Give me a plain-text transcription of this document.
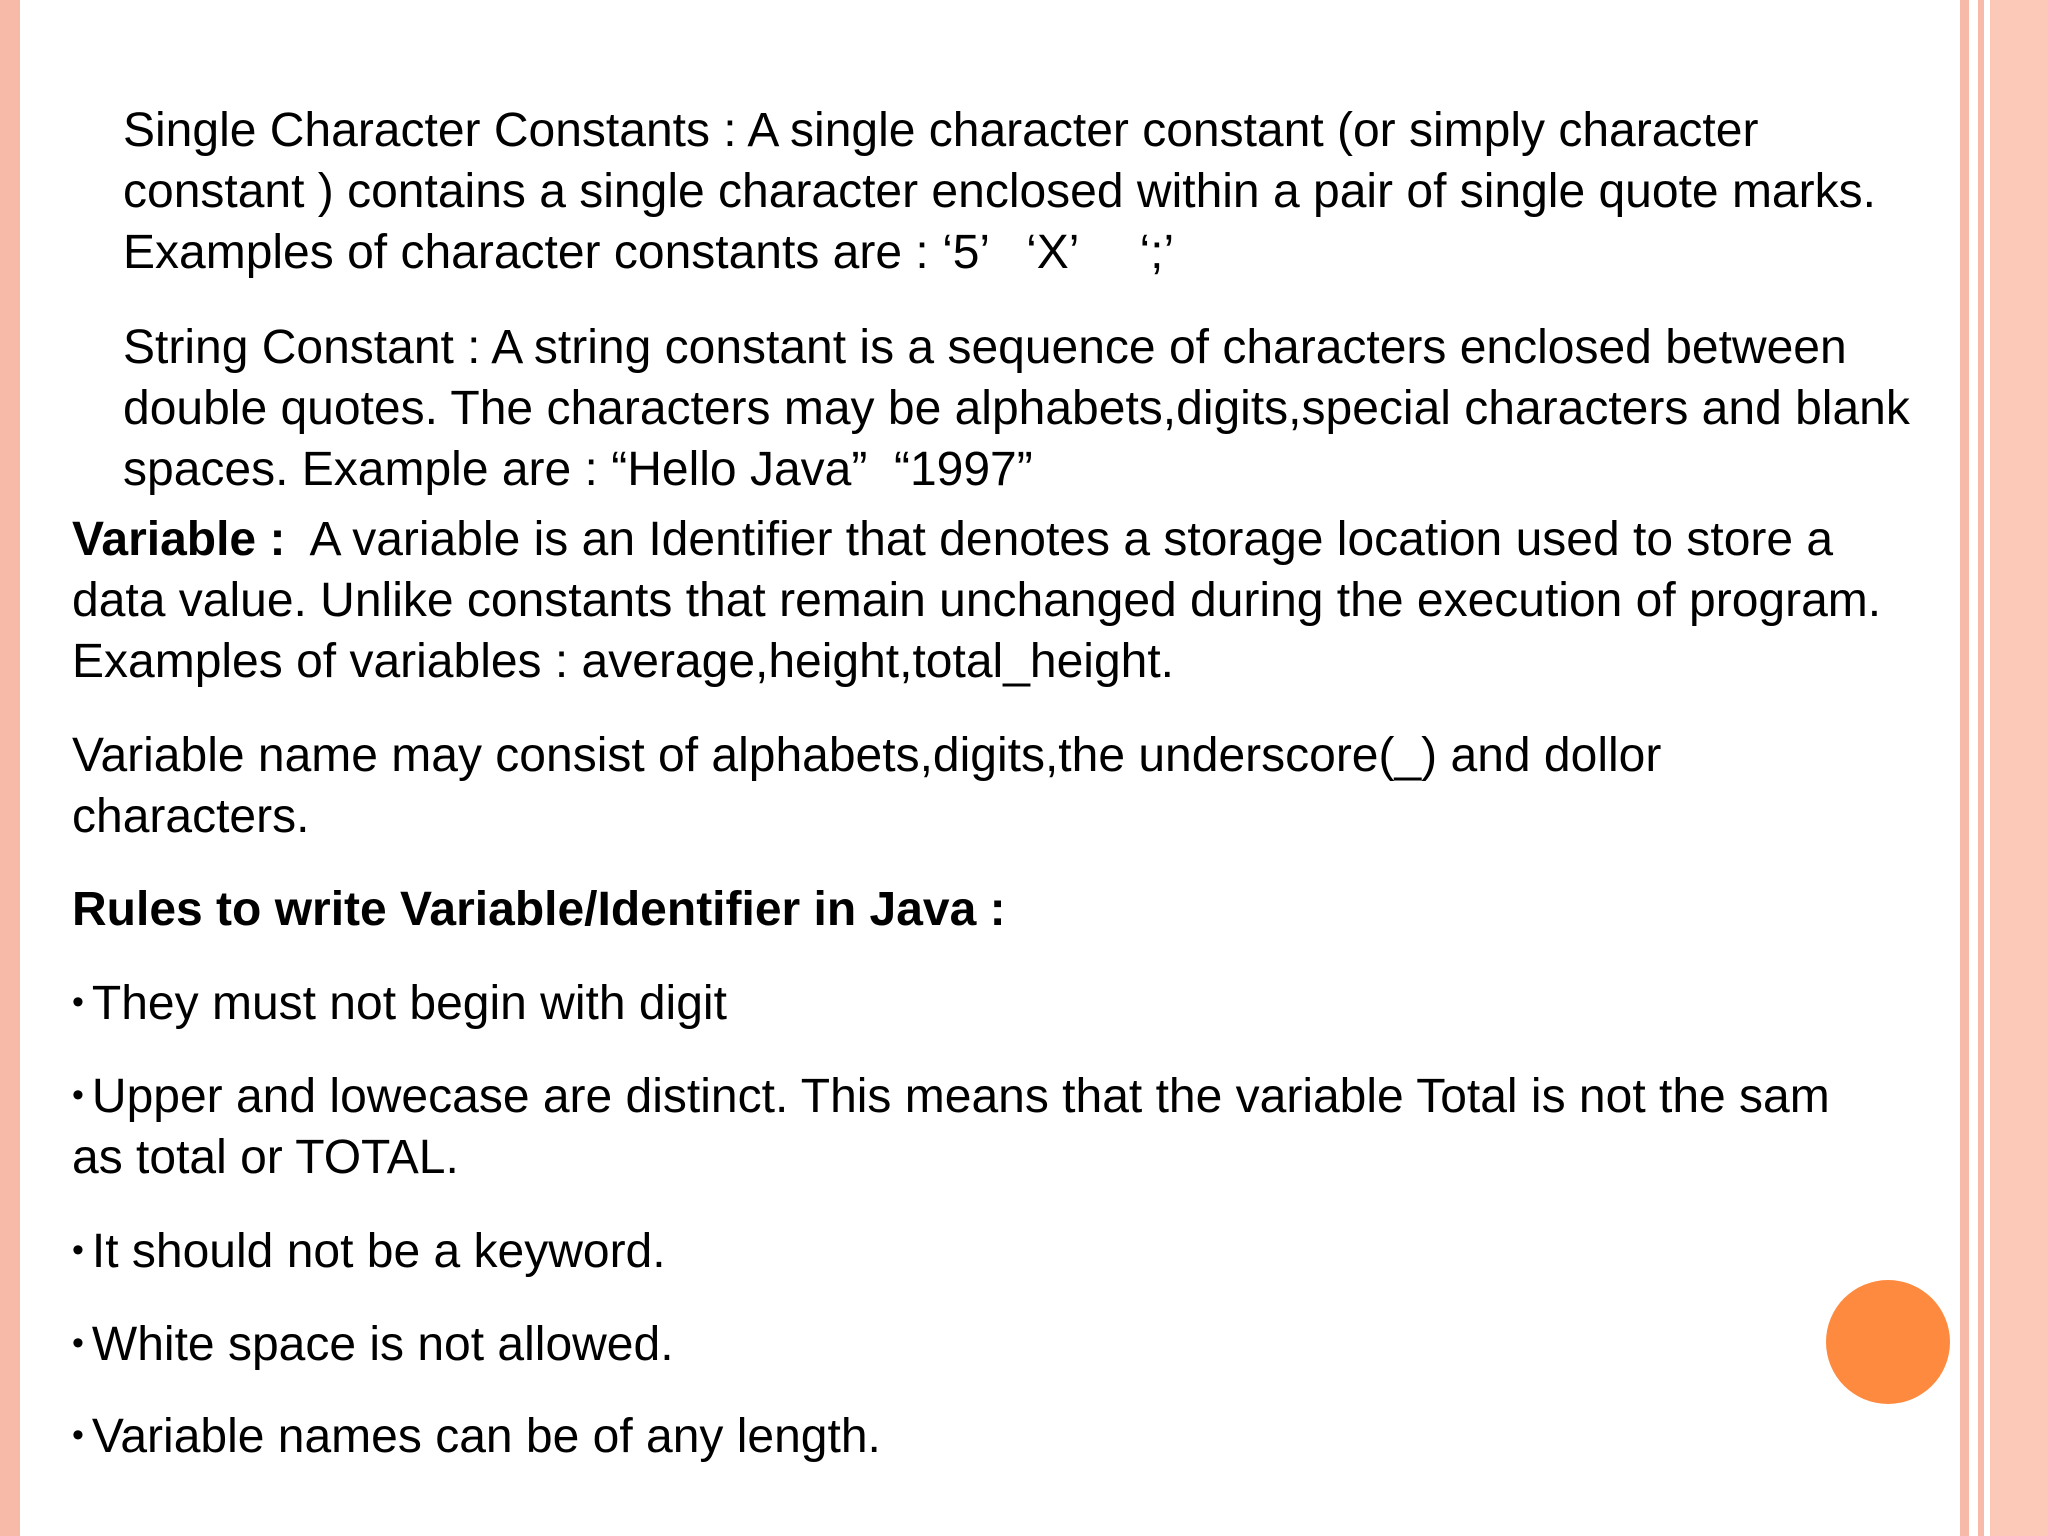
Single Character Constants : A single character constant (or simply character
constant ) contains a single character enclosed within a pair of single quote marks.
Examples of character constants are : ‘5’ ‘X’ ‘;’

String Constant : A string constant is a sequence of characters enclosed between
double quotes. The characters may be alphabets,digits,special characters and blank
spaces. Example are : “Hello Java” “1997”

Variable : A variable is an Identifier that denotes a storage location used to store a
data value. Unlike constants that remain unchanged during the execution of program.
Examples of variables : average,height,total_height.

Variable name may consist of alphabets,digits,the underscore(_) and dollor
characters.

Rules to write Variable/Identifier in Java :

• They must not begin with digit

• Upper and lowecase are distinct. This means that the variable Total is not the sam
as total or TOTAL.

• It should not be a keyword.

• White space is not allowed.

• Variable names can be of any length.
